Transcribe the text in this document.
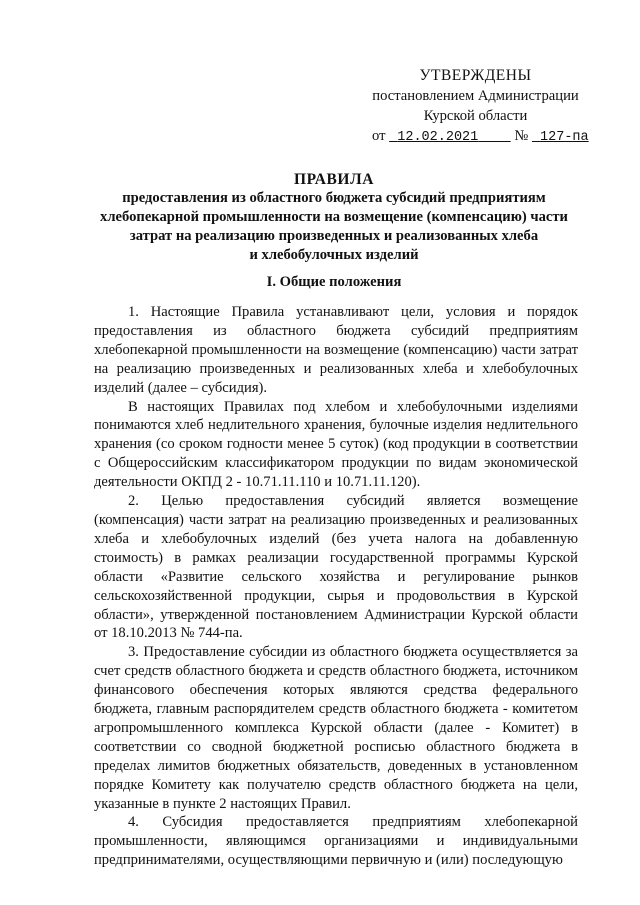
УТВЕРЖДЕНЫ
постановлением Администрации
Курской области
от 12.02.2021 № 127-па
ПРАВИЛА
предоставления из областного бюджета субсидий предприятиям
хлебопекарной промышленности на возмещение (компенсацию) части
затрат на реализацию произведенных и реализованных хлеба
и хлебобулочных изделий
I. Общие положения

1. Настоящие Правила устанавливают цели, условия и порядок предоставления из областного бюджета субсидий предприятиям хлебопекарной промышленности на возмещение (компенсацию) части затрат на реализацию произведенных и реализованных хлеба и хлебобулочных изделий (далее – субсидия).

В настоящих Правилах под хлебом и хлебобулочными изделиями понимаются хлеб недлительного хранения, булочные изделия недлительного хранения (со сроком годности менее 5 суток) (код продукции в соответствии с Общероссийским классификатором продукции по видам экономической деятельности ОКПД 2 - 10.71.11.110 и 10.71.11.120).

2. Целью предоставления субсидий является возмещение (компенсация) части затрат на реализацию произведенных и реализованных хлеба и хлебобулочных изделий (без учета налога на добавленную стоимость) в рамках реализации государственной программы Курской области «Развитие сельского хозяйства и регулирование рынков сельскохозяйственной продукции, сырья и продовольствия в Курской области», утвержденной постановлением Администрации Курской области от 18.10.2013 № 744-па.

3. Предоставление субсидии из областного бюджета осуществляется за счет средств областного бюджета и средств областного бюджета, источником финансового обеспечения которых являются средства федерального бюджета, главным распорядителем средств областного бюджета - комитетом агропромышленного комплекса Курской области (далее - Комитет) в соответствии со сводной бюджетной росписью областного бюджета в пределах лимитов бюджетных обязательств, доведенных в установленном порядке Комитету как получателю средств областного бюджета на цели, указанные в пункте 2 настоящих Правил.

4. Субсидия предоставляется предприятиям хлебопекарной промышленности, являющимся организациями и индивидуальными предпринимателями, осуществляющими первичную и (или) последующую
